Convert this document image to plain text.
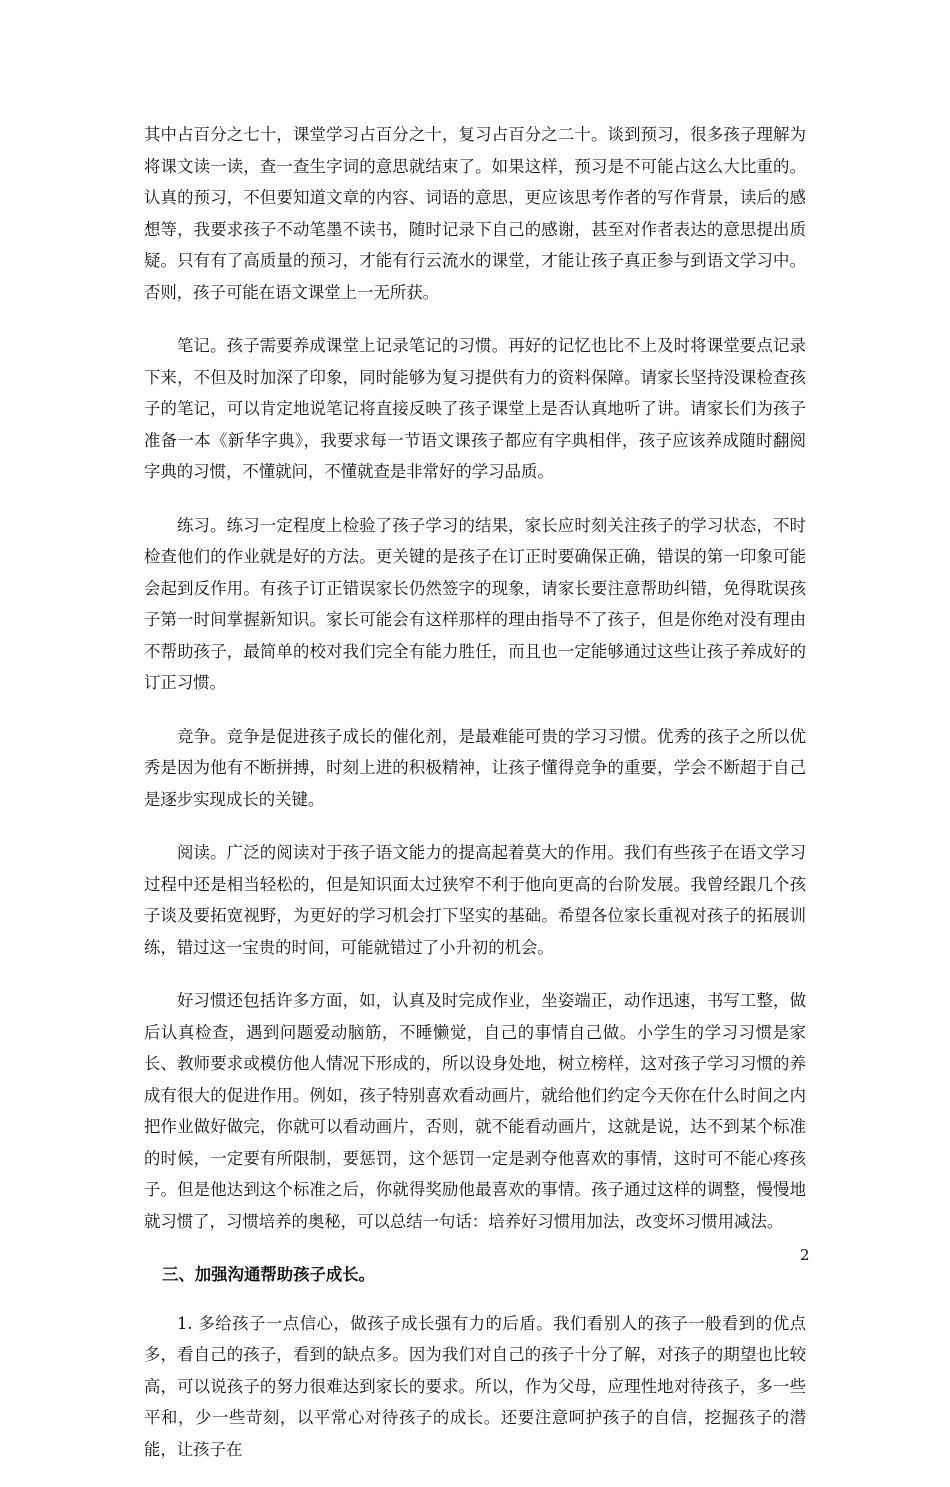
其中占百分之七十，课堂学习占百分之十，复习占百分之二十。谈到预习，很多孩子理解为将课文读一读，查一查生字词的意思就结束了。如果这样，预习是不可能占这么大比重的。认真的预习，不但要知道文章的内容、词语的意思，更应该思考作者的写作背景，读后的感想等，我要求孩子不动笔墨不读书，随时记录下自己的感谢，甚至对作者表达的意思提出质疑。只有有了高质量的预习，才能有行云流水的课堂，才能让孩子真正参与到语文学习中。否则，孩子可能在语文课堂上一无所获。

笔记。孩子需要养成课堂上记录笔记的习惯。再好的记忆也比不上及时将课堂要点记录下来，不但及时加深了印象，同时能够为复习提供有力的资料保障。请家长坚持没课检查孩子的笔记，可以肯定地说笔记将直接反映了孩子课堂上是否认真地听了讲。请家长们为孩子准备一本《新华字典》，我要求每一节语文课孩子都应有字典相伴，孩子应该养成随时翻阅字典的习惯，不懂就问，不懂就查是非常好的学习品质。

练习。练习一定程度上检验了孩子学习的结果，家长应时刻关注孩子的学习状态，不时检查他们的作业就是好的方法。更关键的是孩子在订正时要确保正确，错误的第一印象可能会起到反作用。有孩子订正错误家长仍然签字的现象，请家长要注意帮助纠错，免得耽误孩子第一时间掌握新知识。家长可能会有这样那样的理由指导不了孩子，但是你绝对没有理由不帮助孩子，最简单的校对我们完全有能力胜任，而且也一定能够通过这些让孩子养成好的订正习惯。

竞争。竞争是促进孩子成长的催化剂，是最难能可贵的学习习惯。优秀的孩子之所以优秀是因为他有不断拼搏，时刻上进的积极精神，让孩子懂得竞争的重要，学会不断超于自己是逐步实现成长的关键。

阅读。广泛的阅读对于孩子语文能力的提高起着莫大的作用。我们有些孩子在语文学习过程中还是相当轻松的，但是知识面太过狭窄不利于他向更高的台阶发展。我曾经跟几个孩子谈及要拓宽视野，为更好的学习机会打下坚实的基础。希望各位家长重视对孩子的拓展训练，错过这一宝贵的时间，可能就错过了小升初的机会。

好习惯还包括许多方面，如，认真及时完成作业，坐姿端正，动作迅速，书写工整，做后认真检查，遇到问题爱动脑筋，不睡懒觉，自己的事情自己做。小学生的学习习惯是家长、教师要求或模仿他人情况下形成的，所以设身处地，树立榜样，这对孩子学习习惯的养成有很大的促进作用。例如，孩子特别喜欢看动画片，就给他们约定今天你在什么时间之内把作业做好做完，你就可以看动画片，否则，就不能看动画片，这就是说，达不到某个标准的时候，一定要有所限制，要惩罚，这个惩罚一定是剥夺他喜欢的事情，这时可不能心疼孩子。但是他达到这个标准之后，你就得奖励他最喜欢的事情。孩子通过这样的调整，慢慢地就习惯了，习惯培养的奥秘，可以总结一句话：培养好习惯用加法，改变坏习惯用减法。

三、加强沟通帮助孩子成长。

1. 多给孩子一点信心，做孩子成长强有力的后盾。我们看别人的孩子一般看到的优点多，看自己的孩子，看到的缺点多。因为我们对自己的孩子十分了解，对孩子的期望也比较高，可以说孩子的努力很难达到家长的要求。所以，作为父母，应理性地对待孩子，多一些平和，少一些苛刻，以平常心对待孩子的成长。还要注意呵护孩子的自信，挖掘孩子的潜能，让孩子在

2
